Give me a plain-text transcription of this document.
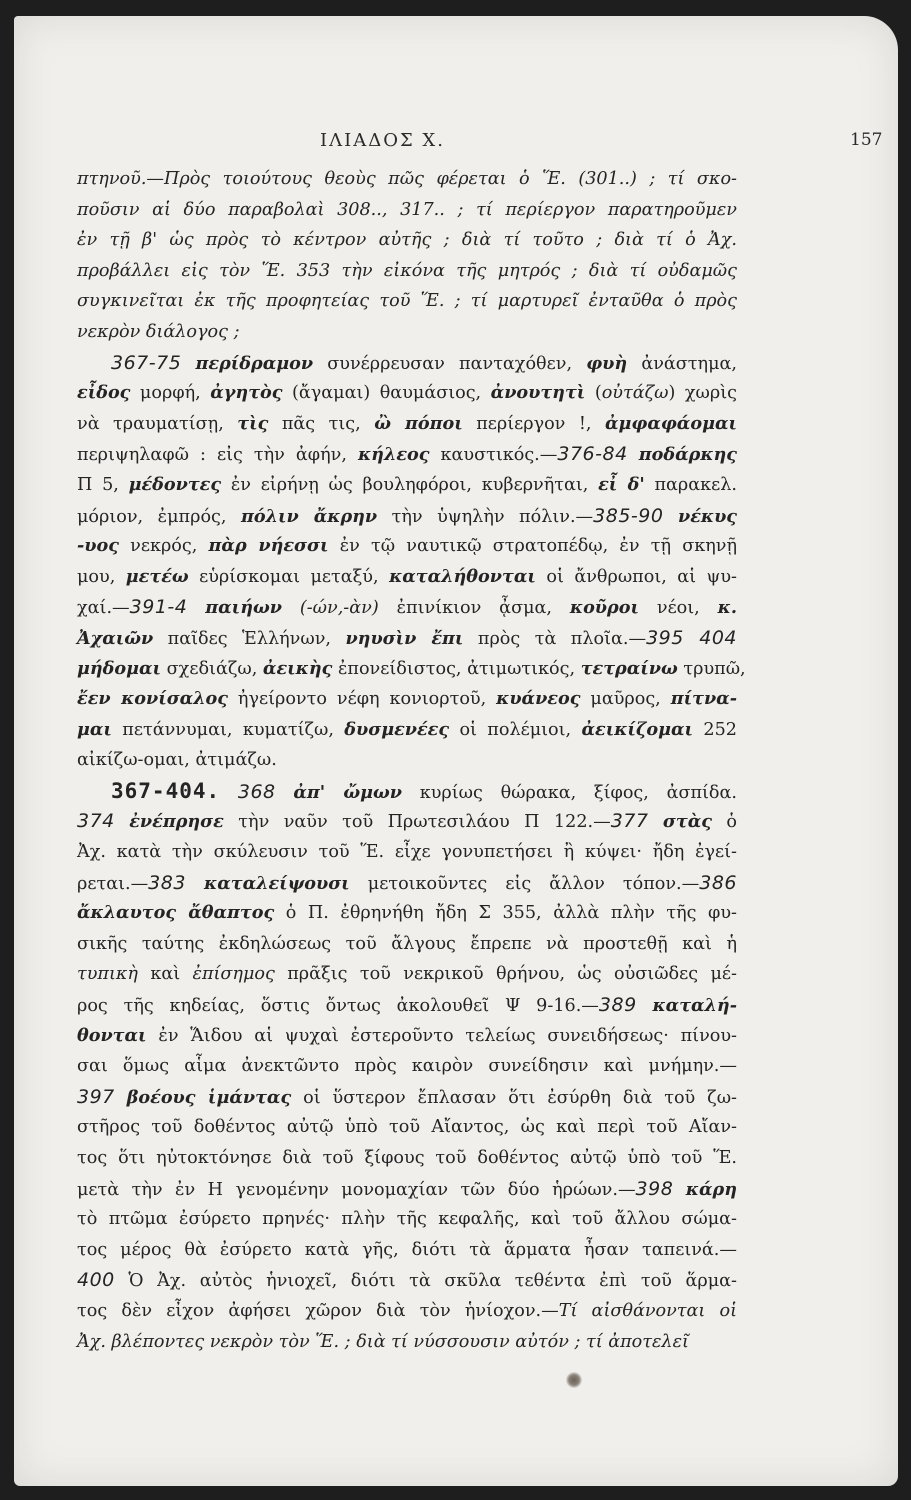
ΙΛΙΑΔΟΣ Χ.	157
πτηνοῦ.—Πρὸς τοιούτους θεοὺς πῶς φέρεται ὁ Ἕ. (301..) ; τί σκο-
ποῦσιν αἱ δύο παραβολαὶ 308.., 317.. ; τί περίεργον παρατηροῦμεν
ἐν τῇ β' ὡς πρὸς τὸ κέντρον αὐτῆς ; διὰ τί τοῦτο ; διὰ τί ὁ Ἀχ.
προβάλλει εἰς τὸν Ἕ. 353 τὴν εἰκόνα τῆς μητρός ; διὰ τί οὐδαμῶς
συγκινεῖται ἐκ τῆς προφητείας τοῦ Ἕ. ; τί μαρτυρεῖ ἐνταῦθα ὁ πρὸς
νεκρὸν διάλογος ;
367-75 περίδραμον συνέρρευσαν πανταχόθεν, φυὴ ἀνάστημα,
εἶδος μορφή, ἀγητὸς (ἄγαμαι) θαυμάσιος, ἀνουτητὶ (οὐτάζω) χωρὶς
νὰ τραυματίσῃ, τὶς πᾶς τις, ὢ πόποι περίεργον !, ἀμφαφάομαι
περιψηλαφῶ : εἰς τὴν ἀφήν, κήλεος καυστικός.—376-84 ποδάρκης
Π 5, μέδοντες ἐν εἰρήνῃ ὡς βουληφόροι, κυβερνῆται, εἶ δ' παρακελ.
μόριον, ἐμπρός, πόλιν ἄκρην τὴν ὑψηλὴν πόλιν.—385-90 νέκυς
-υος νεκρός, πὰρ νήεσσι ἐν τῷ ναυτικῷ στρατοπέδῳ, ἐν τῇ σκηνῇ
μου, μετέω εὑρίσκομαι μεταξύ, καταλήθονται οἱ ἄνθρωποι, αἱ ψυ-
χαί.—391-4 παιήων (-ών,-ὰν) ἐπινίκιον ᾆσμα, κοῦροι νέοι, κ.
Ἀχαιῶν παῖδες Ἑλλήνων, νηυσὶν ἔπι πρὸς τὰ πλοῖα.—395 404
μήδομαι σχεδιάζω, ἀεικὴς ἐπονείδιστος, ἀτιμωτικός, τετραίνω τρυπῶ,
ἔεν κονίσαλος ἠγείροντο νέφη κονιορτοῦ, κυάνεος μαῦρος, πίτνα-
μαι πετάννυμαι, κυματίζω, δυσμενέες οἱ πολέμιοι, ἀεικίζομαι 252
αἰκίζω-ομαι, ἀτιμάζω.
367-404. 368 ἀπ' ὤμων κυρίως θώρακα, ξίφος, ἀσπίδα.
374 ἐνέπρησε τὴν ναῦν τοῦ Πρωτεσιλάου Π 122.—377 στὰς ὁ
Ἀχ. κατὰ τὴν σκύλευσιν τοῦ Ἕ. εἶχε γονυπετήσει ἢ κύψει· ἤδη ἐγεί-
ρεται.—383 καταλείψουσι μετοικοῦντες εἰς ἄλλον τόπον.—386
ἄκλαυτος ἄθαπτος ὁ Π. ἐθρηνήθη ἤδη Σ 355, ἀλλὰ πλὴν τῆς φυ-
σικῆς ταύτης ἐκδηλώσεως τοῦ ἄλγους ἔπρεπε νὰ προστεθῇ καὶ ἡ
τυπικὴ καὶ ἐπίσημος πρᾶξις τοῦ νεκρικοῦ θρήνου, ὡς οὐσιῶδες μέ-
ρος τῆς κηδείας, ὅστις ὄντως ἀκολουθεῖ Ψ 9-16.—389 καταλή-
θονται ἐν Ἅιδου αἱ ψυχαὶ ἐστεροῦντο τελείως συνειδήσεως· πίνου-
σαι ὅμως αἷμα ἀνεκτῶντο πρὸς καιρὸν συνείδησιν καὶ μνήμην.—
397 βοέους ἱμάντας οἱ ὕστερον ἔπλασαν ὅτι ἐσύρθη διὰ τοῦ ζω-
στῆρος τοῦ δοθέντος αὐτῷ ὑπὸ τοῦ Αἴαντος, ὡς καὶ περὶ τοῦ Αἴαν-
τος ὅτι ηὐτοκτόνησε διὰ τοῦ ξίφους τοῦ δοθέντος αὐτῷ ὑπὸ τοῦ Ἕ.
μετὰ τὴν ἐν Η γενομένην μονομαχίαν τῶν δύο ἡρώων.—398 κάρη
τὸ πτῶμα ἐσύρετο πρηνές· πλὴν τῆς κεφαλῆς, καὶ τοῦ ἄλλου σώμα-
τος μέρος θὰ ἐσύρετο κατὰ γῆς, διότι τὰ ἅρματα ἦσαν ταπεινά.—
400 Ὁ Ἀχ. αὐτὸς ἡνιοχεῖ, διότι τὰ σκῦλα τεθέντα ἐπὶ τοῦ ἅρμα-
τος δὲν εἶχον ἀφήσει χῶρον διὰ τὸν ἡνίοχον.—Τί αἰσθάνονται οἱ
Ἀχ. βλέποντες νεκρὸν τὸν Ἕ. ; διὰ τί νύσσουσιν αὐτόν ; τί ἀποτελεῖ
